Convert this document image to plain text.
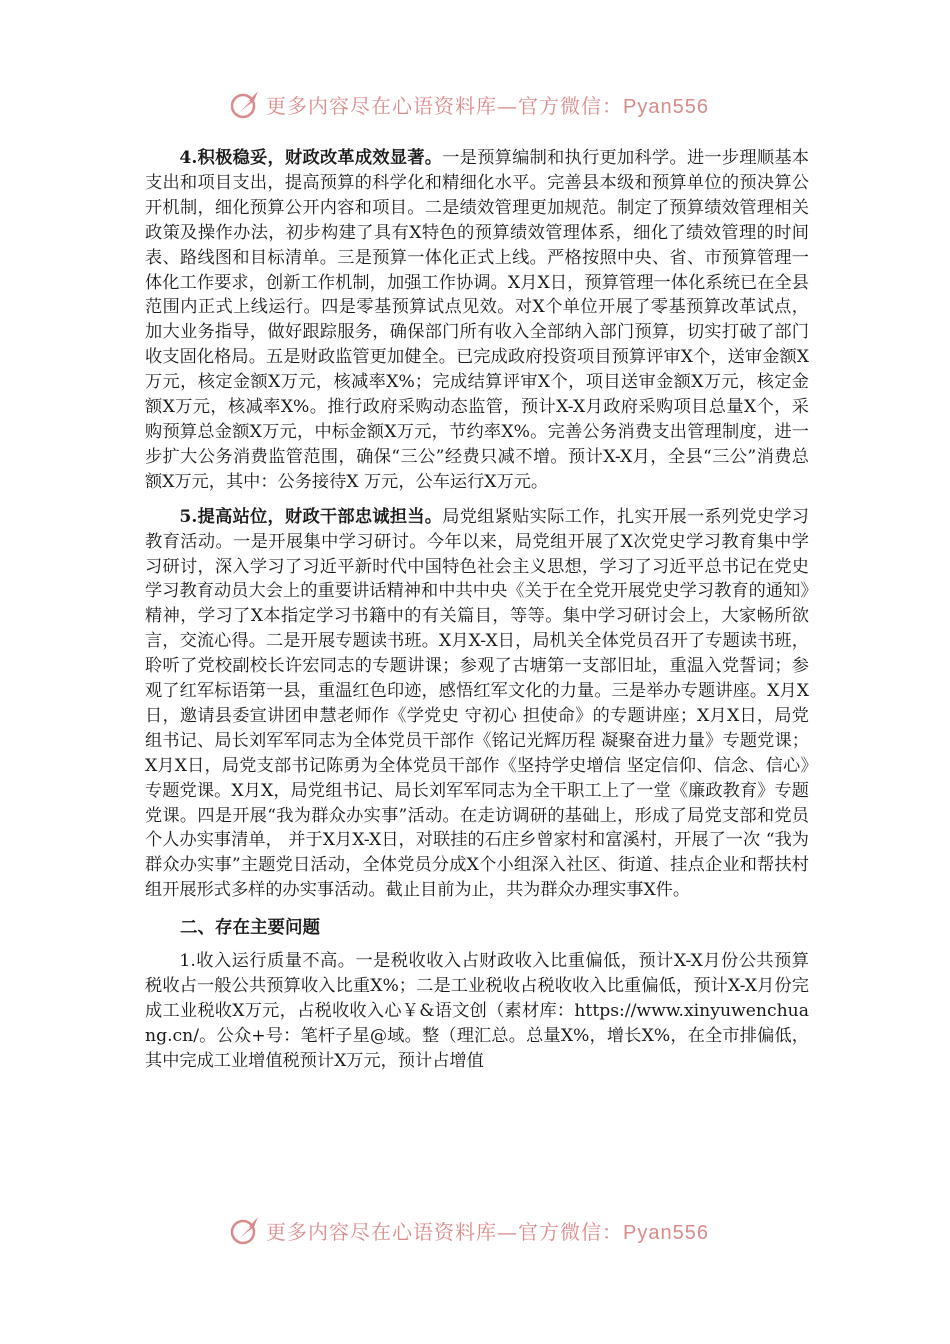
更多内容尽在心语资料库—官方微信：Pyan556

4.积极稳妥，财政改革成效显著。一是预算编制和执行更加科学。进一步理顺基本支出和项目支出，提高预算的科学化和精细化水平。完善县本级和预算单位的预决算公开机制，细化预算公开内容和项目。二是绩效管理更加规范。制定了预算绩效管理相关政策及操作办法，初步构建了具有X特色的预算绩效管理体系，细化了绩效管理的时间表、路线图和目标清单。三是预算一体化正式上线。严格按照中央、省、市预算管理一体化工作要求，创新工作机制，加强工作协调。X月X日，预算管理一体化系统已在全县范围内正式上线运行。四是零基预算试点见效。对X个单位开展了零基预算改革试点，加大业务指导，做好跟踪服务，确保部门所有收入全部纳入部门预算，切实打破了部门收支固化格局。五是财政监管更加健全。已完成政府投资项目预算评审X个，送审金额X万元，核定金额X万元，核减率X%；完成结算评审X个，项目送审金额X万元，核定金额X万元，核减率X%。推行政府采购动态监管，预计X-X月政府采购项目总量X个，采购预算总金额X万元，中标金额X万元，节约率X%。完善公务消费支出管理制度，进一步扩大公务消费监管范围，确保“三公”经费只减不增。预计X-X月，全县“三公”消费总额X万元，其中：公务接待X 万元，公车运行X万元。

5.提高站位，财政干部忠诚担当。局党组紧贴实际工作，扎实开展一系列党史学习教育活动。一是开展集中学习研讨。今年以来，局党组开展了X次党史学习教育集中学习研讨，深入学习了习近平新时代中国特色社会主义思想，学习了习近平总书记在党史学习教育动员大会上的重要讲话精神和中共中央《关于在全党开展党史学习教育的通知》精神，学习了X本指定学习书籍中的有关篇目，等等。集中学习研讨会上，大家畅所欲言，交流心得。二是开展专题读书班。X月X-X日，局机关全体党员召开了专题读书班，聆听了党校副校长许宏同志的专题讲课；参观了古塘第一支部旧址，重温入党誓词；参观了红军标语第一县，重温红色印迹，感悟红军文化的力量。三是举办专题讲座。X月X日，邀请县委宣讲团申慧老师作《学党史 守初心 担使命》的专题讲座；X月X日，局党组书记、局长刘军军同志为全体党员干部作《铭记光辉历程 凝聚奋进力量》专题党课； X月X日，局党支部书记陈勇为全体党员干部作《坚持学史增信 坚定信仰、信念、信心》专题党课。X月X，局党组书记、局长刘军军同志为全干职工上了一堂《廉政教育》专题党课。四是开展“我为群众办实事”活动。在走访调研的基础上，形成了局党支部和党员个人办实事清单， 并于X月X-X日，对联挂的石庄乡曾家村和富溪村，开展了一次 “我为群众办实事”主题党日活动，全体党员分成X个小组深入社区、街道、挂点企业和帮扶村组开展形式多样的办实事活动。截止目前为止，共为群众办理实事X件。

二、存在主要问题

1.收入运行质量不高。一是税收收入占财政收入比重偏低，预计X-X月份公共预算税收占一般公共预算收入比重X%；二是工业税收占税收收入比重偏低，预计X-X月份完成工业税收X万元，占税收收入心￥&语文创（素材库：https://www.xinyuwenchuang.cn/。公众+号：笔杆子星@域。整（理汇总。总量X%，增长X%，在全市排偏低，其中完成工业增值税预计X万元，预计占增值

更多内容尽在心语资料库—官方微信：Pyan556
